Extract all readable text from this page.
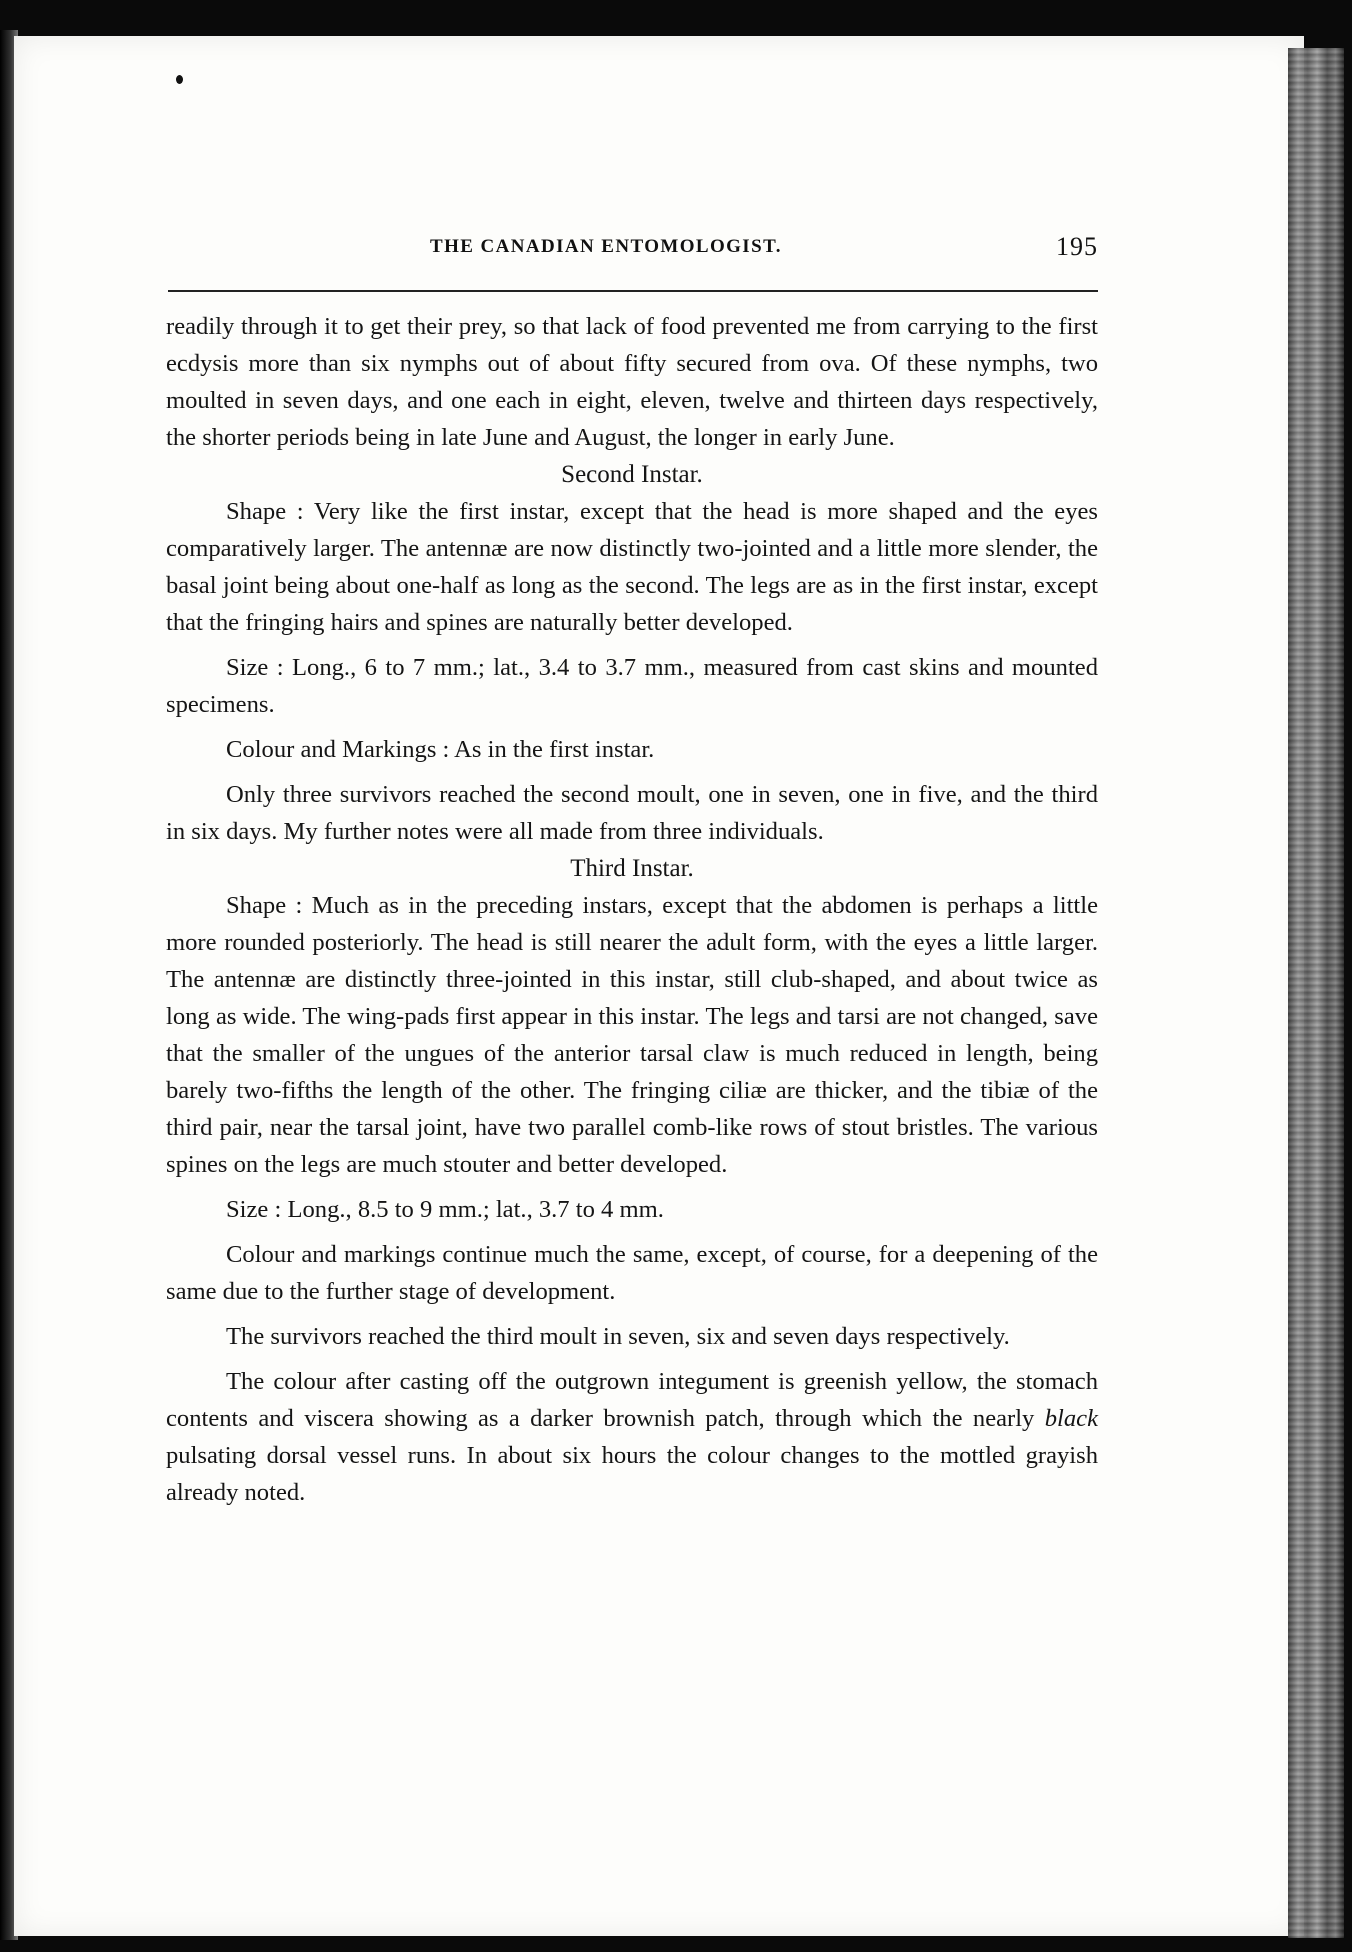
THE CANADIAN ENTOMOLOGIST.	195

readily through it to get their prey, so that lack of food prevented me from carrying to the first ecdysis more than six nymphs out of about fifty secured from ova. Of these nymphs, two moulted in seven days, and one each in eight, eleven, twelve and thirteen days respectively, the shorter periods being in late June and August, the longer in early June.

Second Instar.

Shape : Very like the first instar, except that the head is more shaped and the eyes comparatively larger. The antennæ are now distinctly two-jointed and a little more slender, the basal joint being about one-half as long as the second. The legs are as in the first instar, except that the fringing hairs and spines are naturally better developed.

Size : Long., 6 to 7 mm.; lat., 3.4 to 3.7 mm., measured from cast skins and mounted specimens.

Colour and Markings : As in the first instar.

Only three survivors reached the second moult, one in seven, one in five, and the third in six days. My further notes were all made from three individuals.

Third Instar.

Shape : Much as in the preceding instars, except that the abdomen is perhaps a little more rounded posteriorly. The head is still nearer the adult form, with the eyes a little larger. The antennæ are distinctly three-jointed in this instar, still club-shaped, and about twice as long as wide. The wing-pads first appear in this instar. The legs and tarsi are not changed, save that the smaller of the ungues of the anterior tarsal claw is much reduced in length, being barely two-fifths the length of the other. The fringing ciliæ are thicker, and the tibiæ of the third pair, near the tarsal joint, have two parallel comb-like rows of stout bristles. The various spines on the legs are much stouter and better developed.

Size : Long., 8.5 to 9 mm.; lat., 3.7 to 4 mm.

Colour and markings continue much the same, except, of course, for a deepening of the same due to the further stage of development.

The survivors reached the third moult in seven, six and seven days respectively.

The colour after casting off the outgrown integument is greenish yellow, the stomach contents and viscera showing as a darker brownish patch, through which the nearly black pulsating dorsal vessel runs. In about six hours the colour changes to the mottled grayish already noted.
